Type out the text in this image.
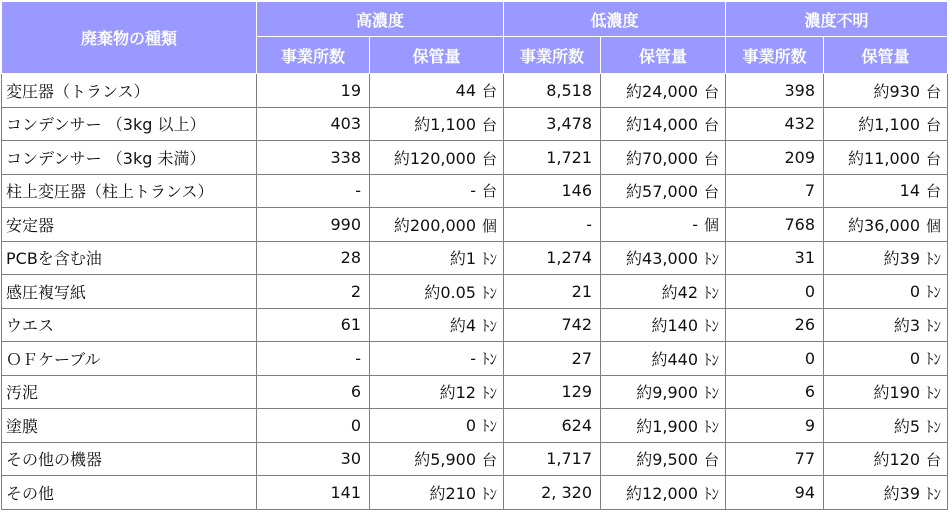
廃棄物の種類	高濃度		低濃度		濃度不明	
	事業所数	保管量	事業所数	保管量	事業所数	保管量
変圧器（トランス）	19	44 台	8,518	約24,000 台	398	約930 台
コンデンサー （3kg 以上）	403	約1,100 台	3,478	約14,000 台	432	約1,100 台
コンデンサー （3kg 未満）	338	約120,000 台	1,721	約70,000 台	209	約11,000 台
柱上変圧器（柱上トランス）	-	- 台	146	約57,000 台	7	14 台
安定器	990	約200,000 個	-	- 個	768	約36,000 個
PCBを含む油	28	約1 ﾄﾝ	1,274	約43,000 ﾄﾝ	31	約39 ﾄﾝ
感圧複写紙	2	約0.05 ﾄﾝ	21	約42 ﾄﾝ	0	0 ﾄﾝ
ウエス	61	約4 ﾄﾝ	742	約140 ﾄﾝ	26	約3 ﾄﾝ
ＯＦケーブル	-	- ﾄﾝ	27	約440 ﾄﾝ	0	0 ﾄﾝ
汚泥	6	約12 ﾄﾝ	129	約9,900 ﾄﾝ	6	約190 ﾄﾝ
塗膜	0	0 ﾄﾝ	624	約1,900 ﾄﾝ	9	約5 ﾄﾝ
その他の機器	30	約5,900 台	1,717	約9,500 台	77	約120 台
その他	141	約210 ﾄﾝ	2, 320	約12,000 ﾄﾝ	94	約39 ﾄﾝ
